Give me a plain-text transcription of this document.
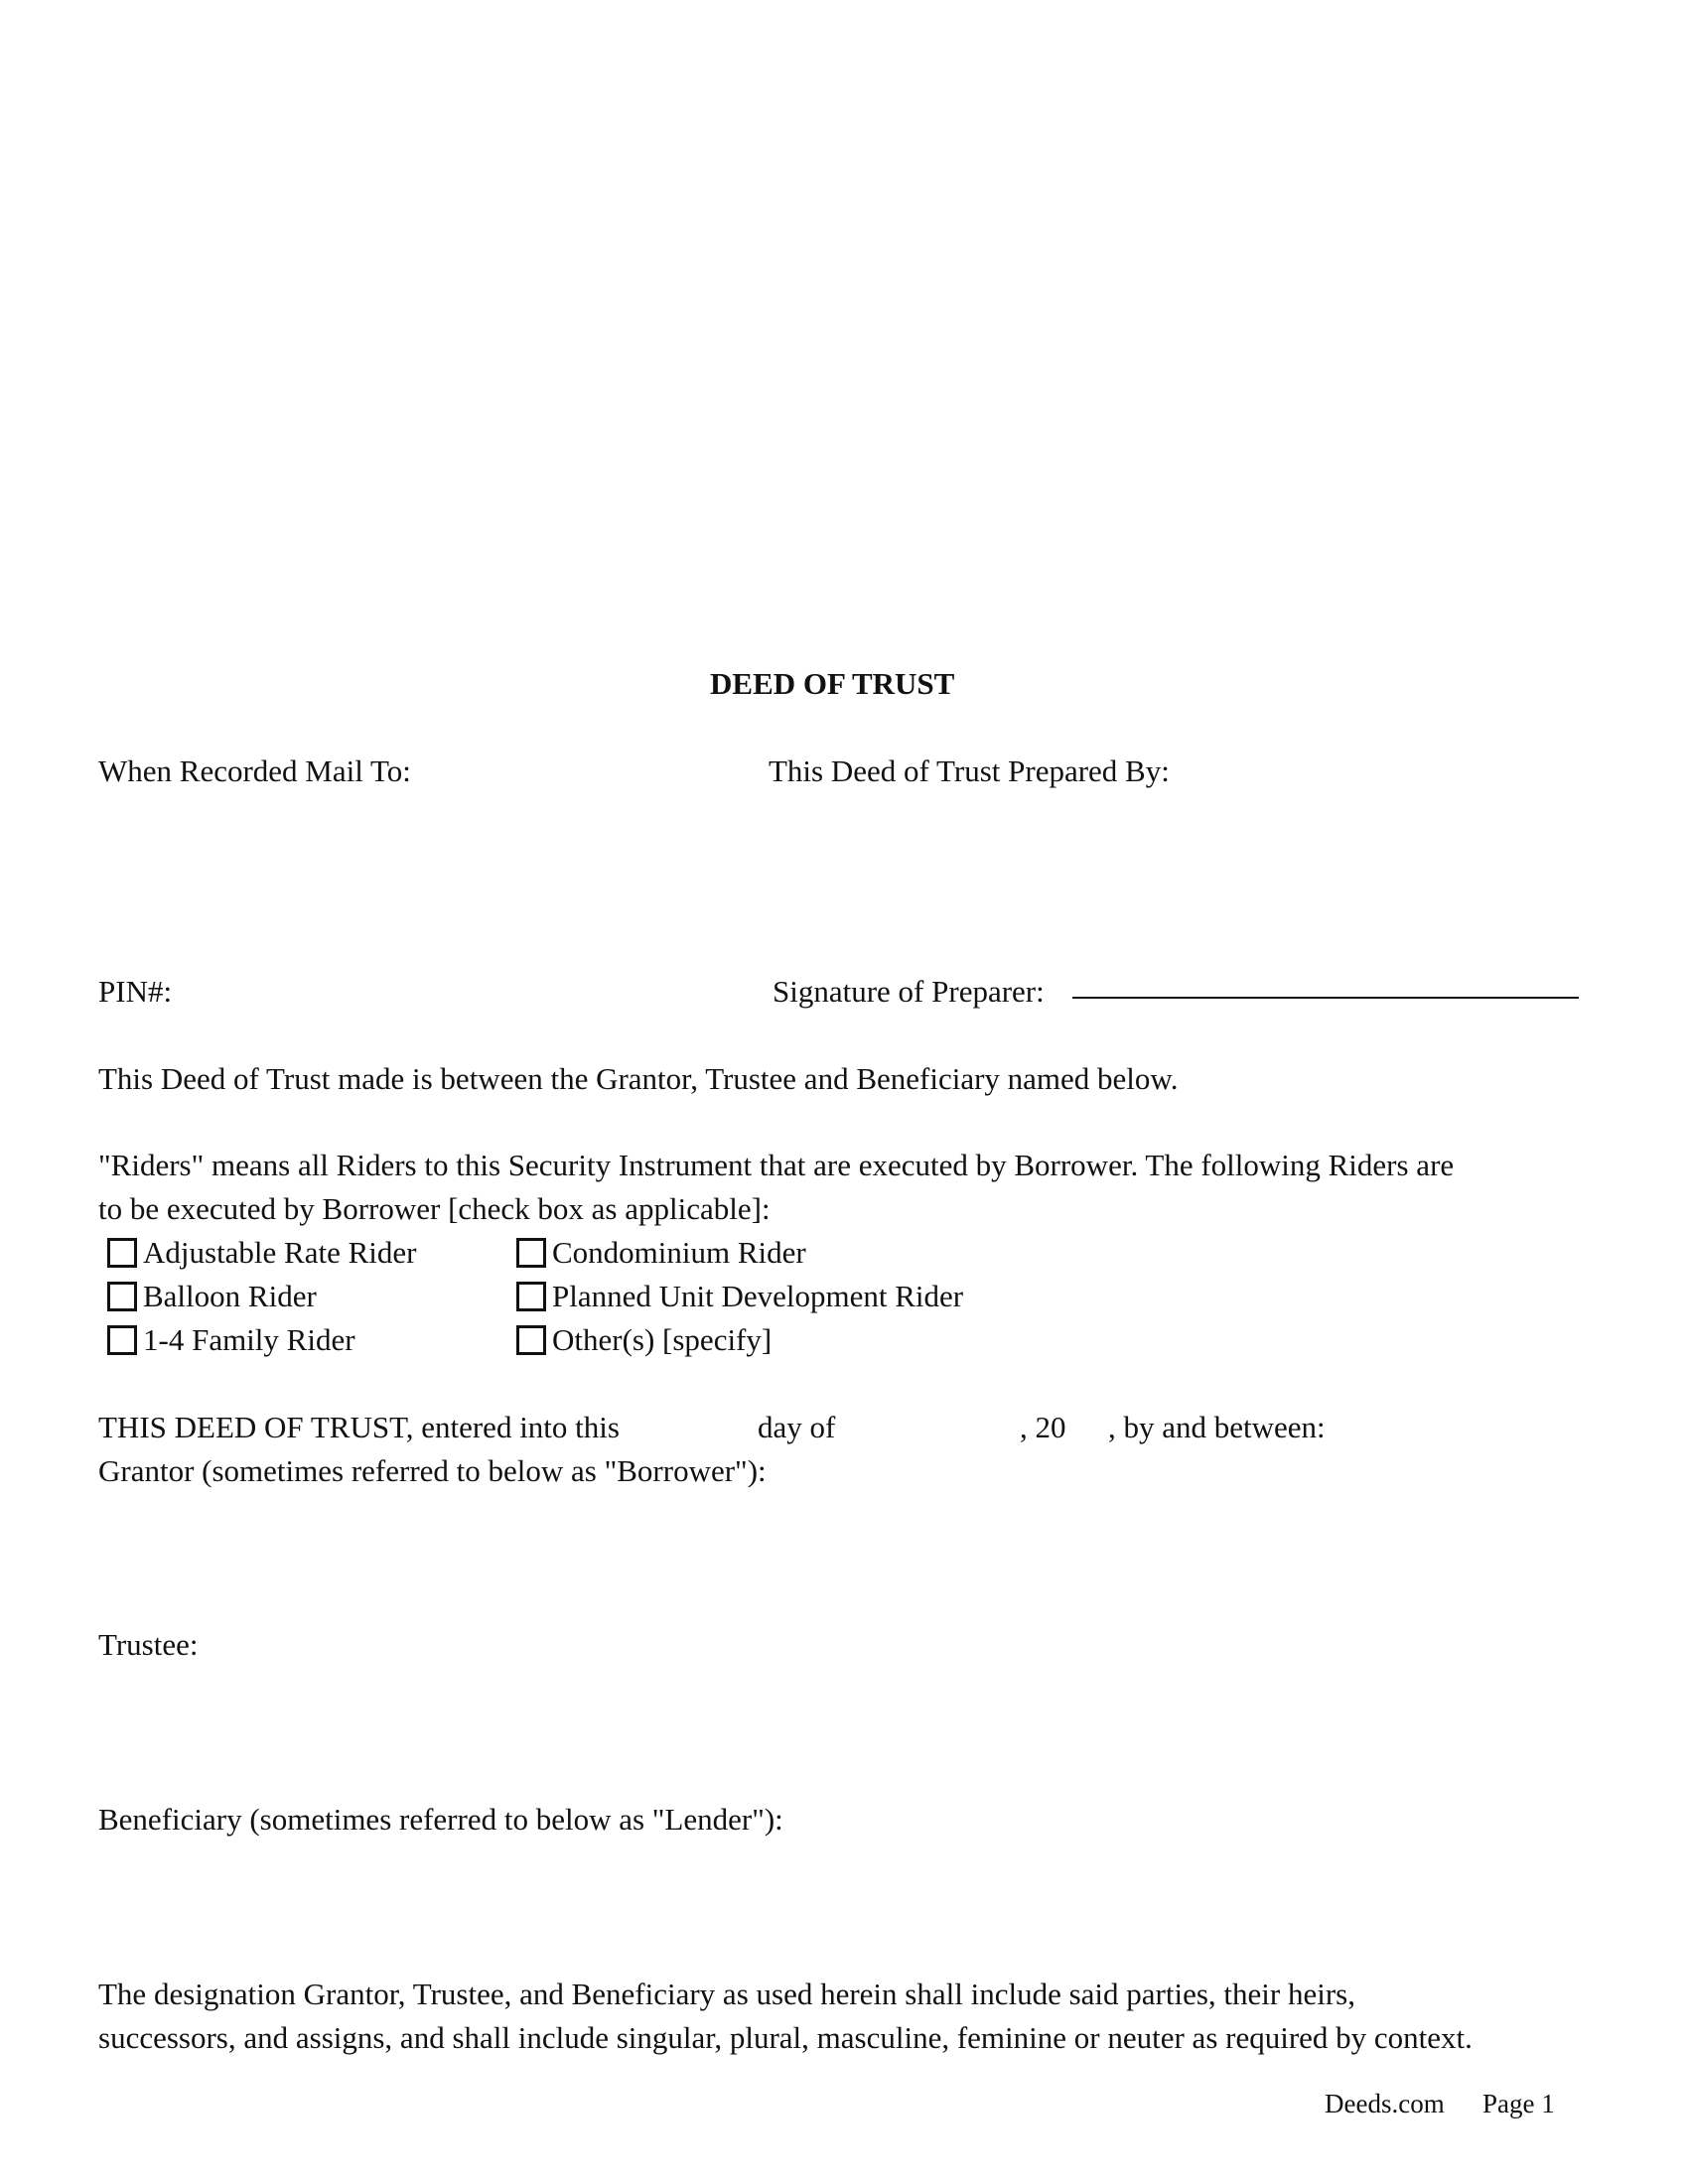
DEED OF TRUST
When Recorded Mail To:	This Deed of Trust Prepared By:
PIN#:	Signature of Preparer:
This Deed of Trust made is between the Grantor, Trustee and Beneficiary named below.
"Riders" means all Riders to this Security Instrument that are executed by Borrower. The following Riders are
to be executed by Borrower [check box as applicable]:
Adjustable Rate Rider	Condominium Rider
Balloon Rider	Planned Unit Development Rider
1-4 Family Rider	Other(s) [specify]
THIS DEED OF TRUST, entered into this	day of	, 20 , by and between:
Grantor (sometimes referred to below as "Borrower"):
Trustee:
Beneficiary (sometimes referred to below as "Lender"):
The designation Grantor, Trustee, and Beneficiary as used herein shall include said parties, their heirs,
successors, and assigns, and shall include singular, plural, masculine, feminine or neuter as required by context.
Deeds.com Page 1
